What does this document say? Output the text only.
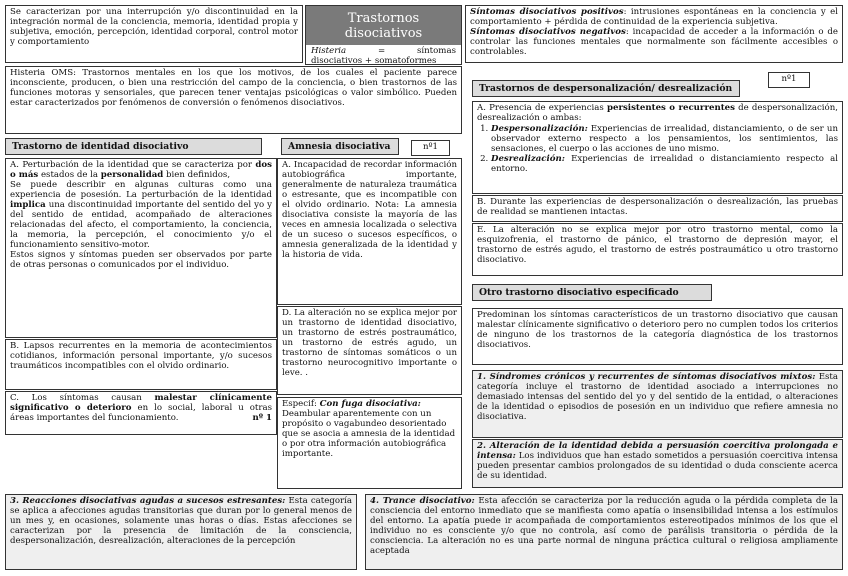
Se caracterizan por una interrupción y/o discontinuidad en la integración normal de la conciencia, memoria, identidad propia y subjetiva, emoción, percepción, identidad corporal, control motor y comportamiento

Trastornos disociativos
Histeria	=	síntomas
disociativos + somatoformes

Síntomas disociativos positivos: intrusiones espontáneas en la conciencia y el comportamiento + pérdida de continuidad de la experiencia subjetiva.

Síntomas disociativos negativos: incapacidad de acceder a la información o de controlar las funciones mentales que normalmente son fácilmente accesibles o controlables.

Histeria OMS: Trastornos mentales en los que los motivos, de los cuales el paciente parece inconsciente, producen, o bien una restricción del campo de la conciencia, o bien trastornos de las funciones motoras y sensoriales, que parecen tener ventajas psicológicas o valor simbólico. Pueden estar caracterizados por fenómenos de conversión o fenómenos disociativos.

Trastorno de identidad disociativo

A. Perturbación de la identidad que se caracteriza por dos o más estados de la personalidad bien definidos,

Se puede describir en algunas culturas como una experiencia de posesión. La perturbación de la identidad implica una discontinuidad importante del sentido del yo y del sentido de entidad, acompañado de alteraciones relacionadas del afecto, el comportamiento, la conciencia, la memoria, la percepción, el conocimiento y/o el funcionamiento sensitivo-motor.

Estos signos y síntomas pueden ser observados por parte de otras personas o comunicados por el individuo.

B. Lapsos recurrentes en la memoria de acontecimientos cotidianos, información personal importante, y/o sucesos traumáticos incompatibles con el olvido ordinario.

C. Los síntomas causan malestar clínicamente significativo o deterioro en lo social, laboral u otras áreas importantes del funcionamiento.	nº 1

Amnesia disociativa	nº1

A. Incapacidad de recordar información autobiográfica importante, generalmente de naturaleza traumática o estresante, que es incompatible con el olvido ordinario. Nota: La amnesia disociativa consiste la mayoría de las veces en amnesia localizada o selectiva de un suceso o sucesos específicos, o amnesia generalizada de la identidad y la historia de vida.

D. La alteración no se explica mejor por un trastorno de identidad disociativo, un trastorno de estrés postraumático, un trastorno de estrés agudo, un trastorno de síntomas somáticos o un trastorno neurocognitivo importante o leve. .

Especif: Con fuga disociativa: Deambular aparentemente con un propósito o vagabundeo desorientado que se asocia a amnesia de la identidad o por otra información autobiográfica importante.

nº1
Trastornos de despersonalización/ desrealización

A. Presencia de experiencias persistentes o recurrentes de despersonalización, desrealización o ambas:

1. Despersonalización: Experiencias de irrealidad, distanciamiento, o de ser un observador externo respecto a los pensamientos, los sentimientos, las sensaciones, el cuerpo o las acciones de uno mismo.
2. Desrealización: Experiencias de irrealidad o distanciamiento respecto al entorno.

B. Durante las experiencias de despersonalización o desrealización, las pruebas de realidad se mantienen intactas.

E. La alteración no se explica mejor por otro trastorno mental, como la esquizofrenia, el trastorno de pánico, el trastorno de depresión mayor, el trastorno de estrés agudo, el trastorno de estrés postraumático u otro trastorno disociativo.

Otro trastorno disociativo especificado

Predominan los síntomas característicos de un trastorno disociativo que causan malestar clínicamente significativo o deterioro pero no cumplen todos los criterios de ninguno de los trastornos de la categoría diagnóstica de los trastornos disociativos.

1. Síndromes crónicos y recurrentes de síntomas disociativos mixtos: Esta categoría incluye el trastorno de identidad asociado a interrupciones no demasiado intensas del sentido del yo y del sentido de la entidad, o alteraciones de la identidad o episodios de posesión en un individuo que refiere amnesia no disociativa.

2. Alteración de la identidad debida a persuasión coercitiva prolongada e intensa: Los individuos que han estado sometidos a persuasión coercitiva intensa pueden presentar cambios prolongados de su identidad o duda consciente acerca de su identidad.

3. Reacciones disociativas agudas a sucesos estresantes: Esta categoría se aplica a afecciones agudas transitorias que duran por lo general menos de un mes y, en ocasiones, solamente unas horas o días. Estas afecciones se caracterizan por la presencia de limitación de la consciencia, despersonalización, desrealización, alteraciones de la percepción

4. Trance disociativo: Esta afección se caracteriza por la reducción aguda o la pérdida completa de la consciencia del entorno inmediato que se manifiesta como apatía o insensibilidad intensa a los estímulos del entorno. La apatía puede ir acompañada de comportamientos estereotipados mínimos de los que el individuo no es consciente y/o que no controla, así como de parálisis transitoria o pérdida de la consciencia. La alteración no es una parte normal de ninguna práctica cultural o religiosa ampliamente aceptada
